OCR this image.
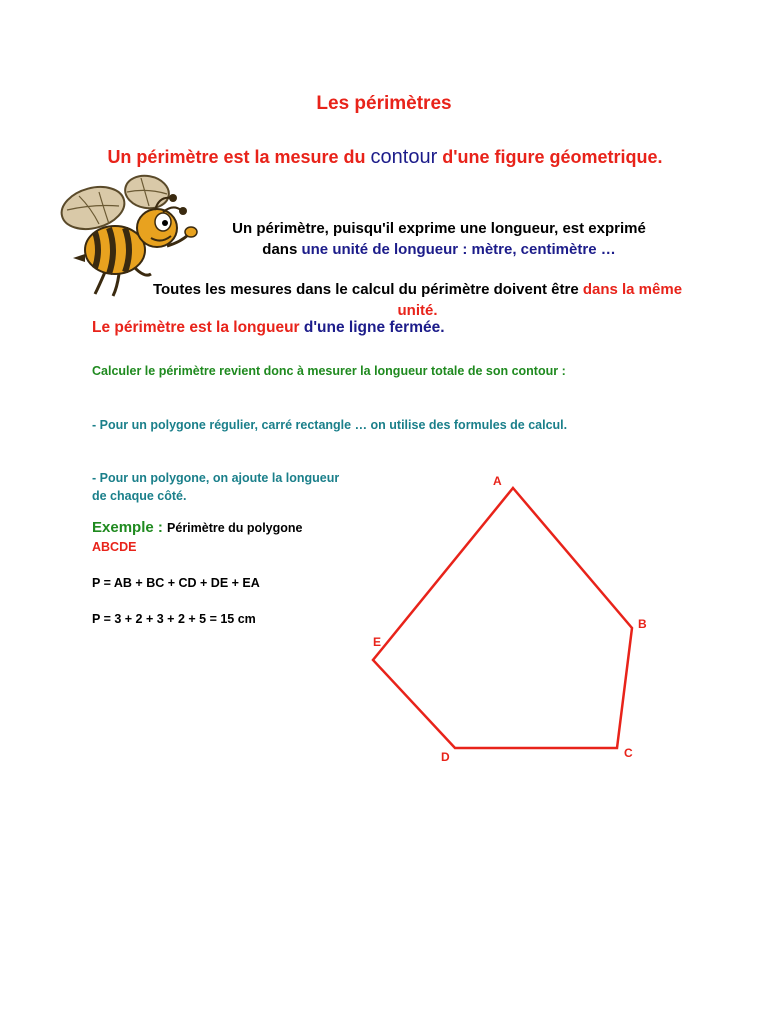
Les périmètres
Un périmètre est la mesure du contour d'une figure géometrique.
Un périmètre, puisqu'il exprime une longueur, est exprimé dans une unité de longueur : mètre, centimètre …
Toutes les mesures dans le calcul du périmètre doivent être dans la même unité.
Le périmètre est la longueur d'une ligne fermée.
Calculer le périmètre revient donc à mesurer la longueur totale de son contour :
- Pour un polygone régulier, carré rectangle … on utilise des formules de calcul.
- Pour un polygone, on ajoute la longueur de chaque côté.
Exemple : Périmètre du polygone
ABCDE
P = AB + BC + CD + DE + EA
P = 3 + 2 + 3 + 2 + 5 = 15 cm
A
B
C
D
E
